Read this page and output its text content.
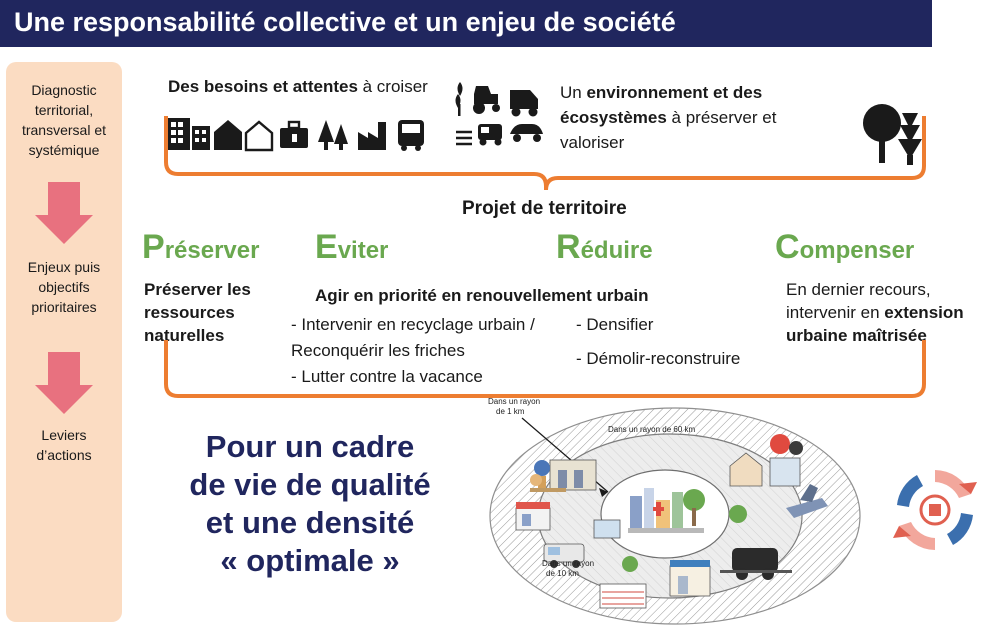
Une responsabilité collective et un enjeu de société
Diagnostic territorial, transversal et systémique
Enjeux puis objectifs prioritaires
Leviers d’actions
Des besoins et attentes à croiser	Un environnement et des écosystèmes à préserver et valoriser
Projet de territoire
Préserver Eviter	Réduire	Compenser
Préserver les ressources naturelles
Agir en priorité en renouvellement urbain
- Intervenir en recyclage urbain / Reconquérir les friches
- Lutter contre la vacance
- Densifier
- Démolir-reconstruire
En dernier recours, intervenir en extension urbaine maîtrisée
Pour un cadre
de vie de qualité
et une densité
« optimale »
Dans un rayon
de 1 km
Dans un rayon de 60 km
Dans un rayon
de 10 km
